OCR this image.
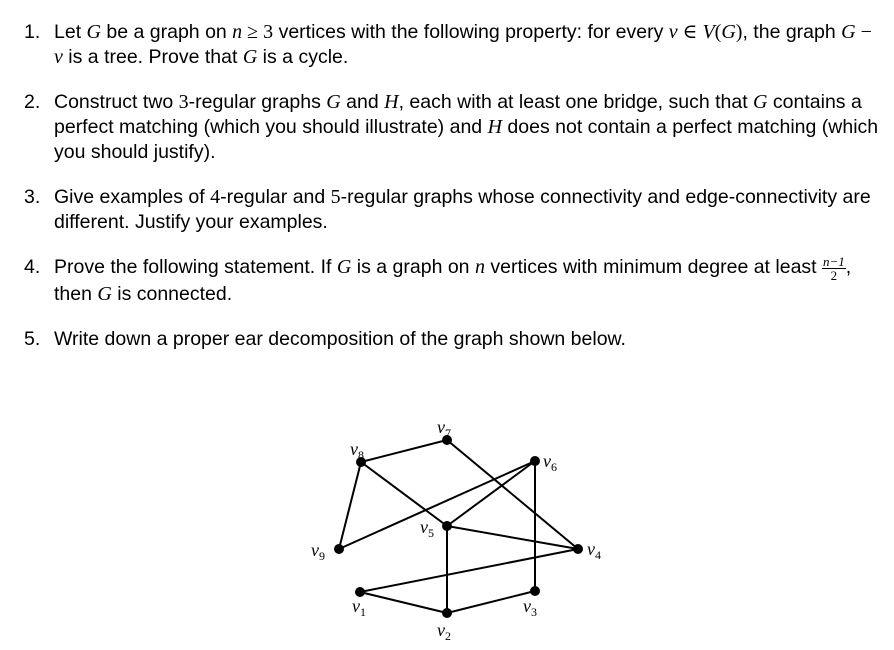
1. Let G be a graph on n ≥ 3 vertices with the following property: for every v ∈ V(G), the graph G − v is a tree. Prove that G is a cycle.
2. Construct two 3-regular graphs G and H, each with at least one bridge, such that G contains a perfect matching (which you should illustrate) and H does not contain a perfect matching (which you should justify).
3. Give examples of 4-regular and 5-regular graphs whose connectivity and edge-connectivity are different. Justify your examples.
4. Prove the following statement. If G is a graph on n vertices with minimum degree at least $\frac{n-1}{2}$ , then G is connected.
5. Write down a proper ear decomposition of the graph shown below.
$v_1$
$v_2$
$v_3$
$v_4$
$v_5$
$v_6$
$v_7$
$v_8$
$v_9$
